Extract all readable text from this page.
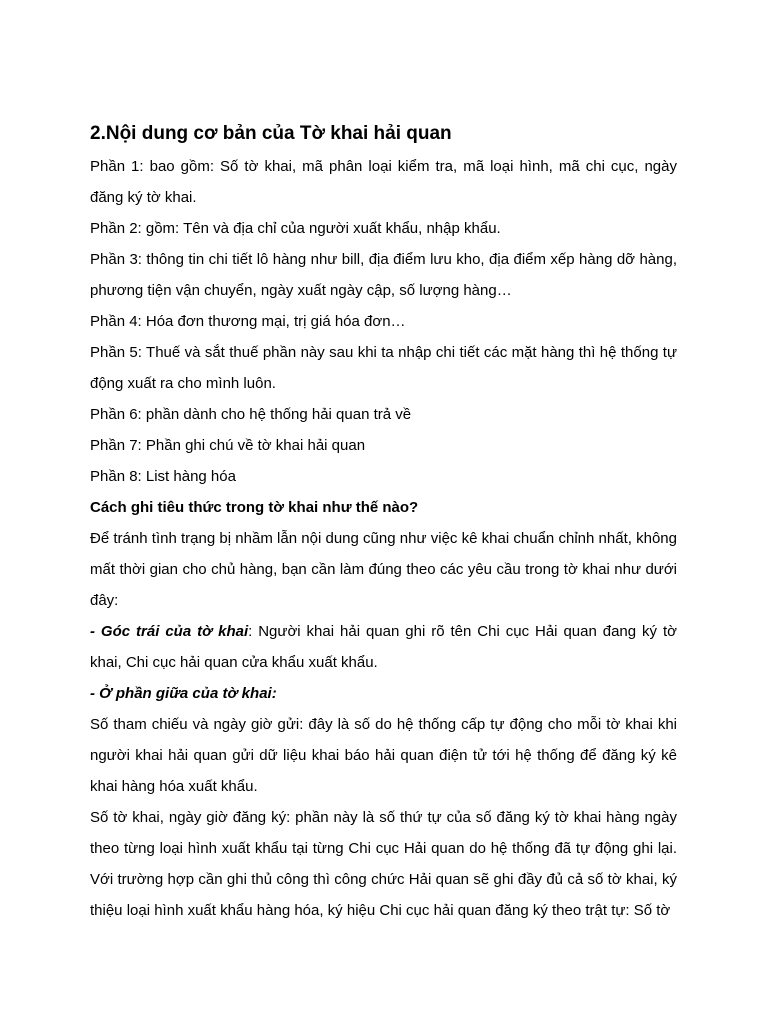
2.Nội dung cơ bản của Tờ khai hải quan

Phần 1: bao gồm: Số tờ khai, mã phân loại kiểm tra, mã loại hình, mã chi cục, ngày đăng ký tờ khai.

Phần 2: gồm: Tên và địa chỉ của người xuất khẩu, nhập khẩu.

Phần 3: thông tin chi tiết lô hàng như bill, địa điểm lưu kho, địa điểm xếp hàng dỡ hàng, phương tiện vận chuyển, ngày xuất ngày cập, số lượng hàng…

Phần 4: Hóa đơn thương mại, trị giá hóa đơn…

Phần 5: Thuế và sắt thuế phần này sau khi ta nhập chi tiết các mặt hàng thì hệ thống tự động xuất ra cho mình luôn.

Phần 6: phần dành cho hệ thống hải quan trả về

Phần 7: Phần ghi chú về tờ khai hải quan

Phần 8: List hàng hóa

Cách ghi tiêu thức trong tờ khai như thế nào?

Để tránh tình trạng bị nhầm lẫn nội dung cũng như việc kê khai chuẩn chỉnh nhất, không mất thời gian cho chủ hàng, bạn cần làm đúng theo các yêu cầu trong tờ khai như dưới đây:

- Góc trái của tờ khai: Người khai hải quan ghi rõ tên Chi cục Hải quan đang ký tờ khai, Chi cục hải quan cửa khẩu xuất khẩu.

- Ở phần giữa của tờ khai:

Số tham chiếu và ngày giờ gửi: đây là số do hệ thống cấp tự động cho mỗi tờ khai khi người khai hải quan gửi dữ liệu khai báo hải quan điện tử tới hệ thống để đăng ký kê khai hàng hóa xuất khẩu.

Số tờ khai, ngày giờ đăng ký: phần này là số thứ tự của số đăng ký tờ khai hàng ngày theo từng loại hình xuất khẩu tại từng Chi cục Hải quan do hệ thống đã tự động ghi lại. Với trường hợp cần ghi thủ công thì công chức Hải quan sẽ ghi đầy đủ cả số tờ khai, ký thiệu loại hình xuất khẩu hàng hóa, ký hiệu Chi cục hải quan đăng ký theo trật tự: Số tờ
